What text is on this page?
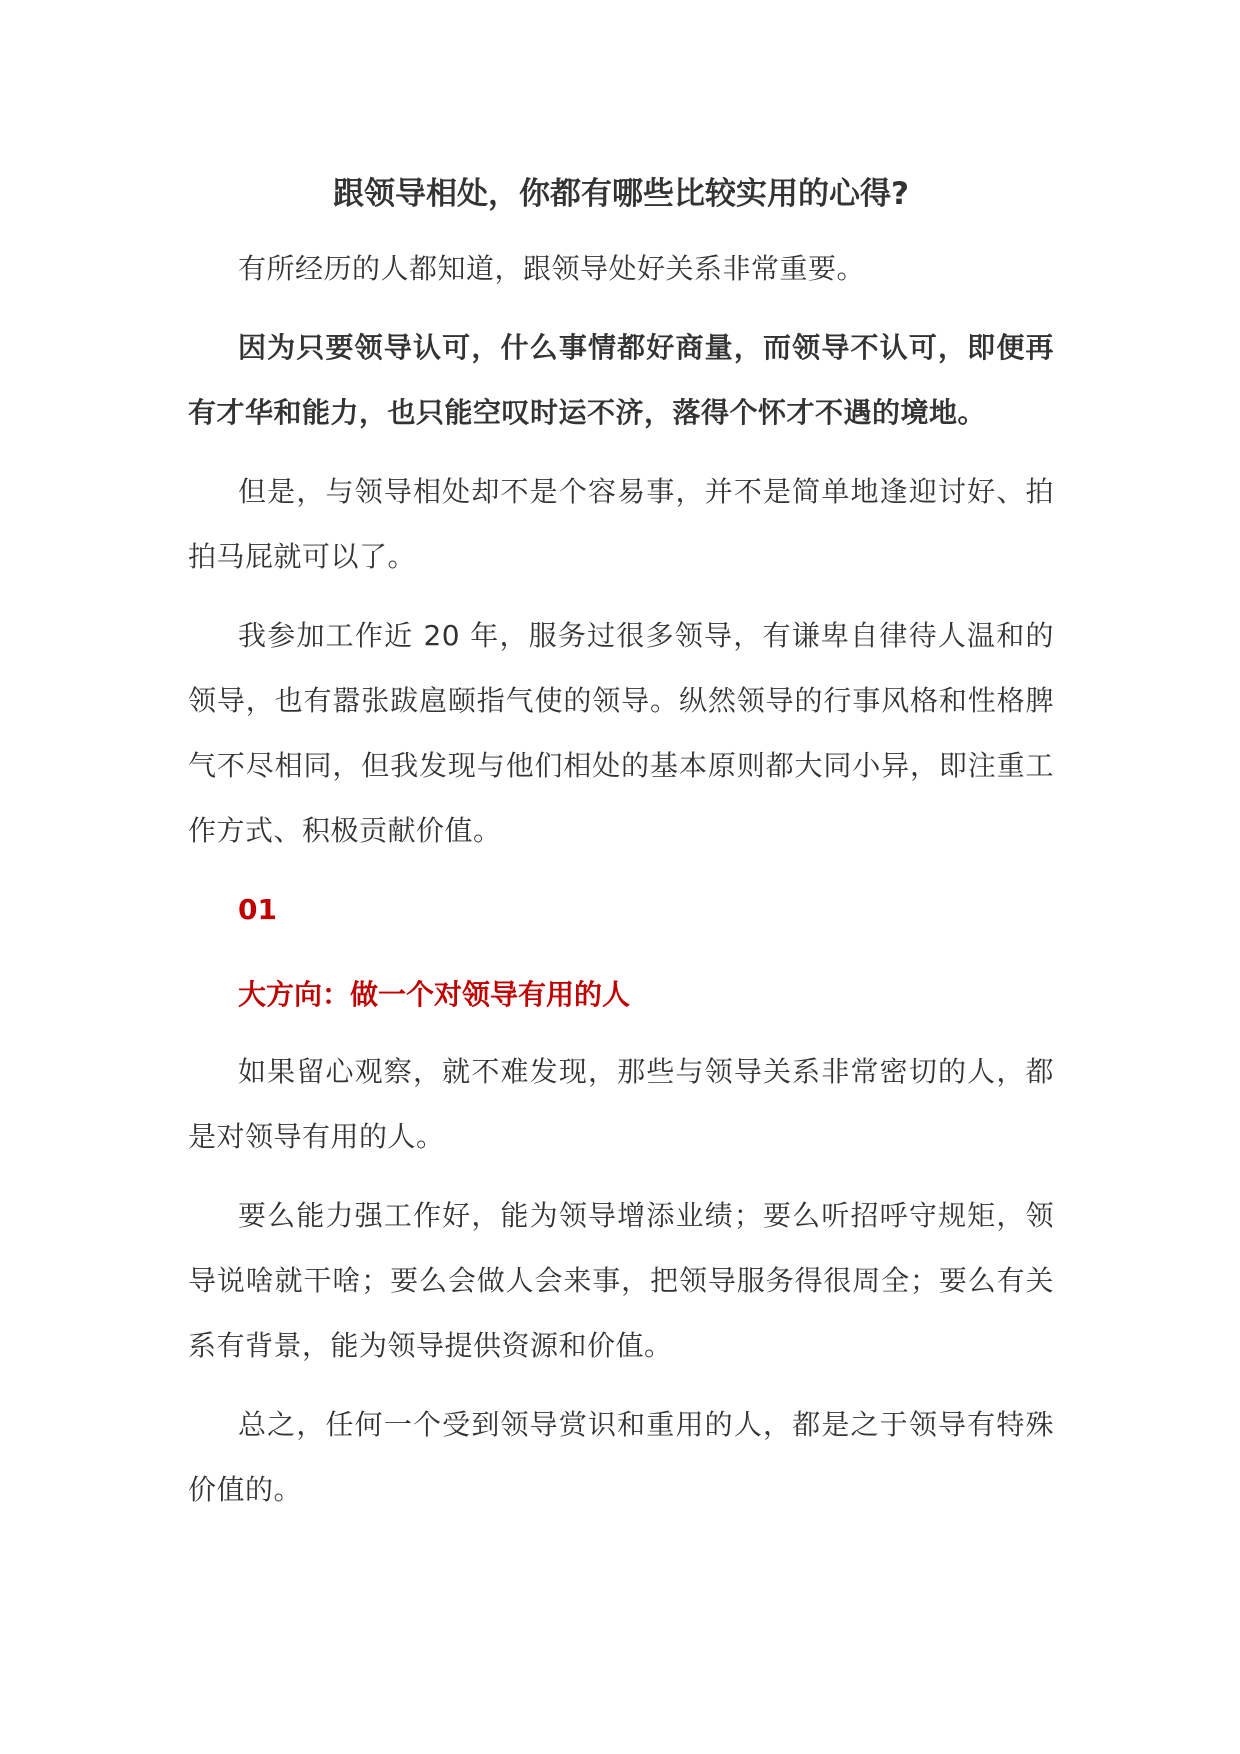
跟领导相处，你都有哪些比较实用的心得?

有所经历的人都知道，跟领导处好关系非常重要。

因为只要领导认可，什么事情都好商量，而领导不认可，即便再有才华和能力，也只能空叹时运不济，落得个怀才不遇的境地。

但是，与领导相处却不是个容易事，并不是简单地逢迎讨好、拍拍马屁就可以了。

我参加工作近 20 年，服务过很多领导，有谦卑自律待人温和的领导，也有嚣张跋扈颐指气使的领导。纵然领导的行事风格和性格脾气不尽相同，但我发现与他们相处的基本原则都大同小异，即注重工作方式、积极贡献价值。

01
大方向：做一个对领导有用的人

如果留心观察，就不难发现，那些与领导关系非常密切的人，都是对领导有用的人。

要么能力强工作好，能为领导增添业绩；要么听招呼守规矩，领导说啥就干啥；要么会做人会来事，把领导服务得很周全；要么有关系有背景，能为领导提供资源和价值。

总之，任何一个受到领导赏识和重用的人，都是之于领导有特殊价值的。
